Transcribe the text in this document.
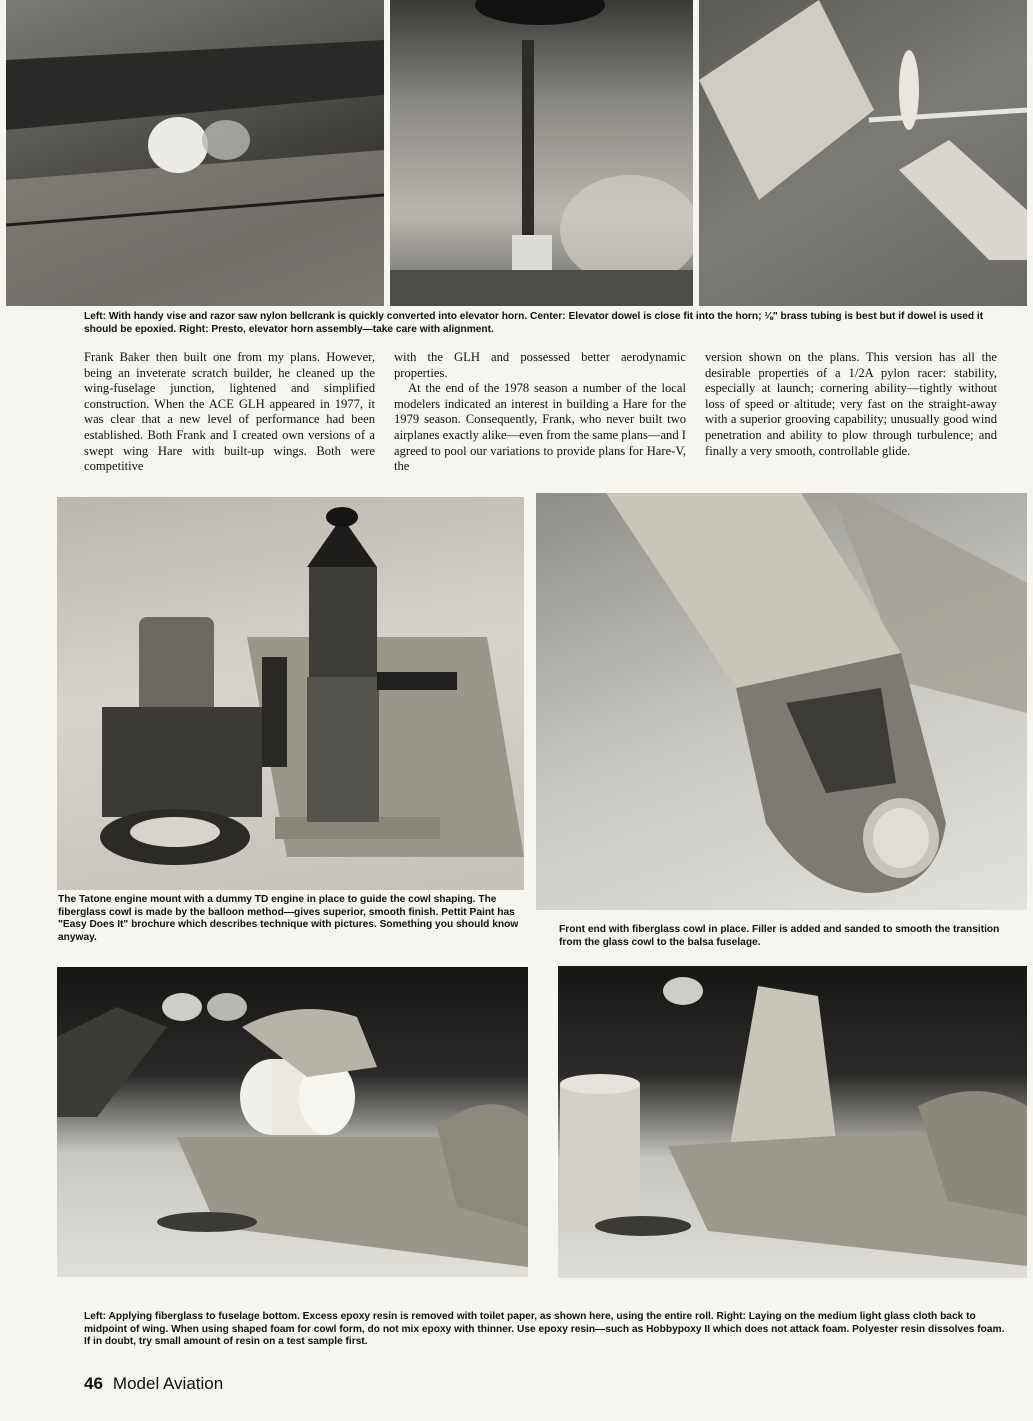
Left: With handy vise and razor saw nylon bellcrank is quickly converted into elevator horn. Center: Elevator dowel is close fit into the horn; ⅛" brass tubing is best but if dowel is used it should be epoxied. Right: Presto, elevator horn assembly—take care with alignment.

Frank Baker then built one from my plans. However, being an inveterate scratch builder, he cleaned up the wing-fuselage junction, lightened and simplified construction. When the ACE GLH appeared in 1977, it was clear that a new level of performance had been established. Both Frank and I created own versions of a swept wing Hare with built-up wings. Both were competitive

with the GLH and possessed better aerodynamic properties.

At the end of the 1978 season a number of the local modelers indicated an interest in building a Hare for the 1979 season. Consequently, Frank, who never built two airplanes exactly alike—even from the same plans—and I agreed to pool our variations to provide plans for Hare-V, the

version shown on the plans. This version has all the desirable properties of a 1/2A pylon racer: stability, especially at launch; cornering ability—tightly without loss of speed or altitude; very fast on the straight-away with a superior grooving capability; unusually good wind penetration and ability to plow through turbulence; and finally a very smooth, controllable glide.

The Tatone engine mount with a dummy TD engine in place to guide the cowl shaping. The fiberglass cowl is made by the balloon method—gives superior, smooth finish. Pettit Paint has "Easy Does It" brochure which describes technique with pictures. Something you should know anyway.
Front end with fiberglass cowl in place. Filler is added and sanded to smooth the transition from the glass cowl to the balsa fuselage.
Left: Applying fiberglass to fuselage bottom. Excess epoxy resin is removed with toilet paper, as shown here, using the entire roll. Right: Laying on the medium light glass cloth back to midpoint of wing. When using shaped foam for cowl form, do not mix epoxy with thinner. Use epoxy resin—such as Hobbypoxy II which does not attack foam. Polyester resin dissolves foam. If in doubt, try small amount of resin on a test sample first.
46 Model Aviation
